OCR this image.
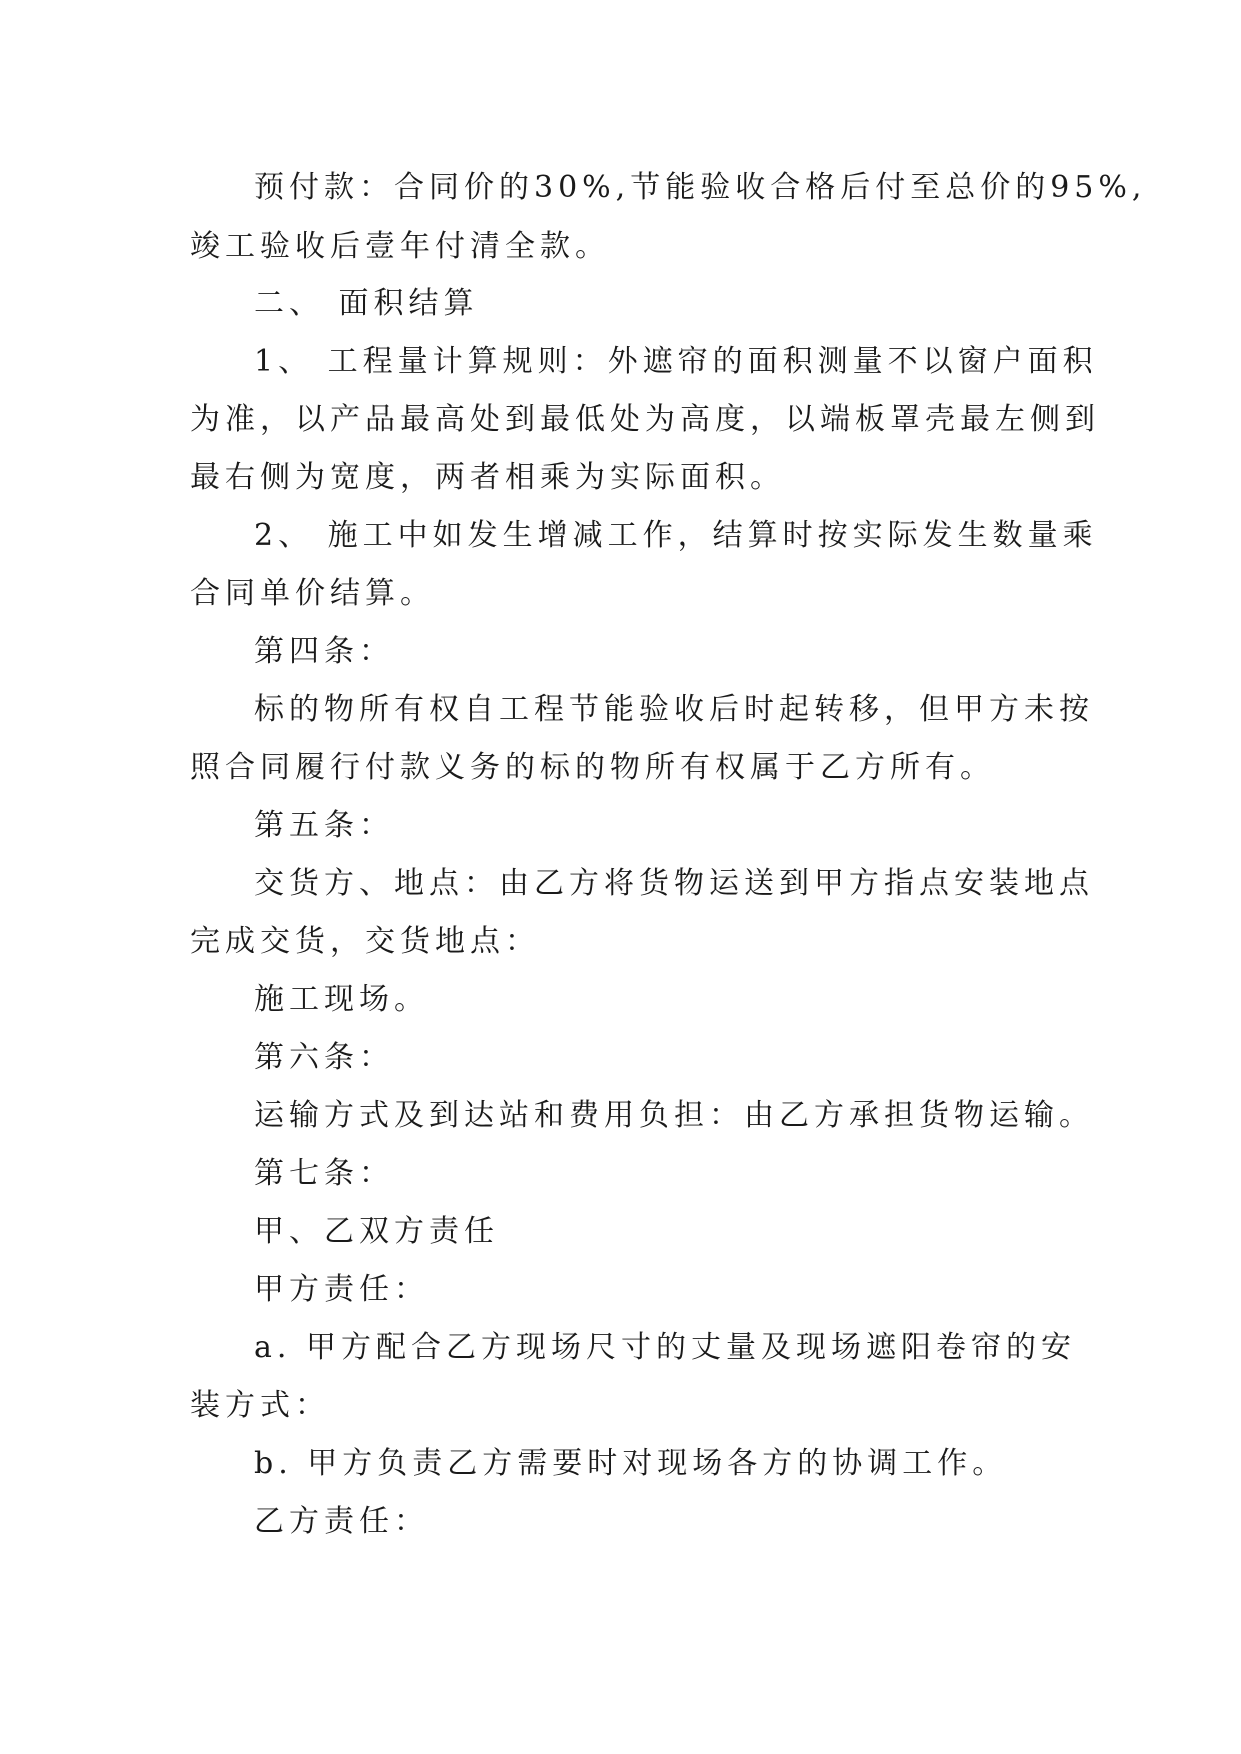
预付款：合同价的30%,节能验收合格后付至总价的95%,
竣工验收后壹年付清全款。
二、 面积结算
1、 工程量计算规则：外遮帘的面积测量不以窗户面积
为准，以产品最高处到最低处为高度，以端板罩壳最左侧到
最右侧为宽度，两者相乘为实际面积。
2、 施工中如发生增减工作，结算时按实际发生数量乘
合同单价结算。
第四条：
标的物所有权自工程节能验收后时起转移，但甲方未按
照合同履行付款义务的标的物所有权属于乙方所有。
第五条：
交货方、地点：由乙方将货物运送到甲方指点安装地点
完成交货，交货地点：
施工现场。
第六条：
运输方式及到达站和费用负担：由乙方承担货物运输。
第七条：
甲、乙双方责任
甲方责任：
a. 甲方配合乙方现场尺寸的丈量及现场遮阳卷帘的安
装方式：
b. 甲方负责乙方需要时对现场各方的协调工作。
乙方责任：
